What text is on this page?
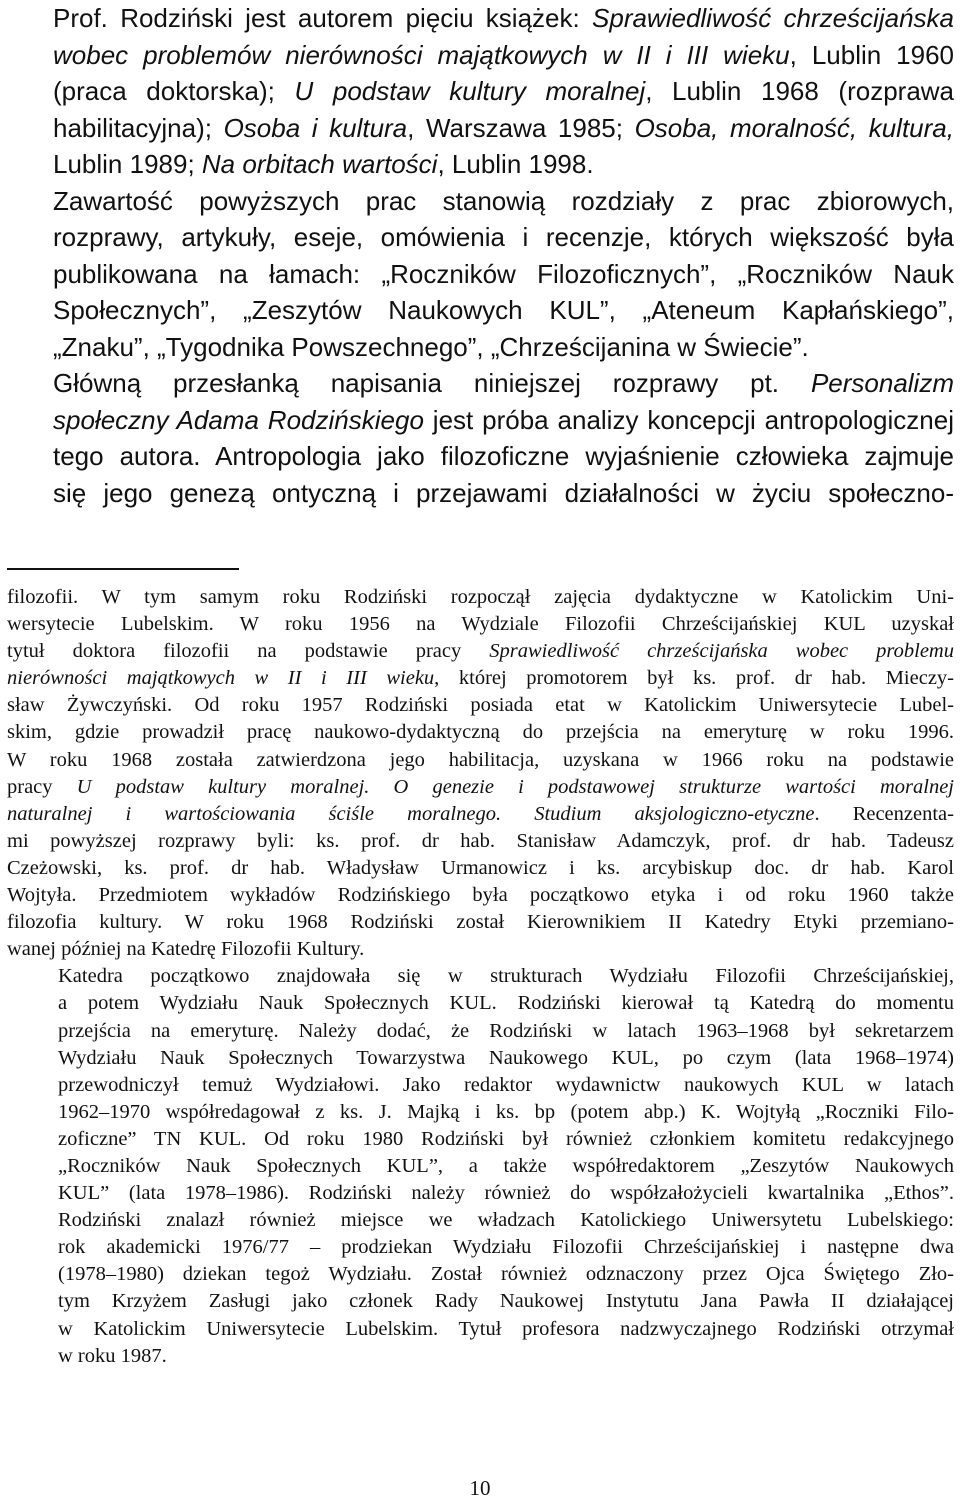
Prof. Rodziński jest autorem pięciu książek: Sprawiedliwość chrześcijańska
wobec problemów nierówności majątkowych w II i III wieku, Lublin 1960
(praca doktorska); U podstaw kultury moralnej, Lublin 1968 (rozprawa
habilitacyjna); Osoba i kultura, Warszawa 1985; Osoba, moralność, kultura,
Lublin 1989; Na orbitach wartości, Lublin 1998.

Zawartość powyższych prac stanowią rozdziały z prac zbiorowych,
rozprawy, artykuły, eseje, omówienia i recenzje, których większość była
publikowana na łamach: „Roczników Filozoficznych”, „Roczników Nauk
Społecznych”, „Zeszytów Naukowych KUL”, „Ateneum Kapłańskiego”,
„Znaku”, „Tygodnika Powszechnego”, „Chrześcijanina w Świecie”.

Główną przesłanką napisania niniejszej rozprawy pt. Personalizm
społeczny Adama Rodzińskiego jest próba analizy koncepcji antropologicznej
tego autora. Antropologia jako filozoficzne wyjaśnienie człowieka zajmuje
się jego genezą ontyczną i przejawami działalności w życiu społeczno-

filozofii. W tym samym roku Rodziński rozpoczął zajęcia dydaktyczne w Katolickim Uni-
wersytecie Lubelskim. W roku 1956 na Wydziale Filozofii Chrześcijańskiej KUL uzyskał
tytuł doktora filozofii na podstawie pracy Sprawiedliwość chrześcijańska wobec problemu
nierówności majątkowych w II i III wieku, której promotorem był ks. prof. dr hab. Mieczy-
sław Żywczyński. Od roku 1957 Rodziński posiada etat w Katolickim Uniwersytecie Lubel-
skim, gdzie prowadził pracę naukowo-dydaktyczną do przejścia na emeryturę w roku 1996.
W roku 1968 została zatwierdzona jego habilitacja, uzyskana w 1966 roku na podstawie
pracy U podstaw kultury moralnej. O genezie i podstawowej strukturze wartości moralnej
naturalnej i wartościowania ściśle moralnego. Studium aksjologiczno-etyczne. Recenzenta-
mi powyższej rozprawy byli: ks. prof. dr hab. Stanisław Adamczyk, prof. dr hab. Tadeusz
Czeżowski, ks. prof. dr hab. Władysław Urmanowicz i ks. arcybiskup doc. dr hab. Karol
Wojtyła. Przedmiotem wykładów Rodzińskiego była początkowo etyka i od roku 1960 także
filozofia kultury. W roku 1968 Rodziński został Kierownikiem II Katedry Etyki przemiano-
wanej później na Katedrę Filozofii Kultury.

Katedra początkowo znajdowała się w strukturach Wydziału Filozofii Chrześcijańskiej,
a potem Wydziału Nauk Społecznych KUL. Rodziński kierował tą Katedrą do momentu
przejścia na emeryturę. Należy dodać, że Rodziński w latach 1963–1968 był sekretarzem
Wydziału Nauk Społecznych Towarzystwa Naukowego KUL, po czym (lata 1968–1974)
przewodniczył temuż Wydziałowi. Jako redaktor wydawnictw naukowych KUL w latach
1962–1970 współredagował z ks. J. Majką i ks. bp (potem abp.) K. Wojtyłą „Roczniki Filo-
zoficzne” TN KUL. Od roku 1980 Rodziński był również członkiem komitetu redakcyjnego
„Roczników Nauk Społecznych KUL”, a także współredaktorem „Zeszytów Naukowych
KUL” (lata 1978–1986). Rodziński należy również do współzałożycieli kwartalnika „Ethos”.
Rodziński znalazł również miejsce we władzach Katolickiego Uniwersytetu Lubelskiego:
rok akademicki 1976/77 – prodziekan Wydziału Filozofii Chrześcijańskiej i następne dwa
(1978–1980) dziekan tegoż Wydziału. Został również odznaczony przez Ojca Świętego Zło-
tym Krzyżem Zasługi jako członek Rady Naukowej Instytutu Jana Pawła II działającej
w Katolickim Uniwersytecie Lubelskim. Tytuł profesora nadzwyczajnego Rodziński otrzymał
w roku 1987.

10
